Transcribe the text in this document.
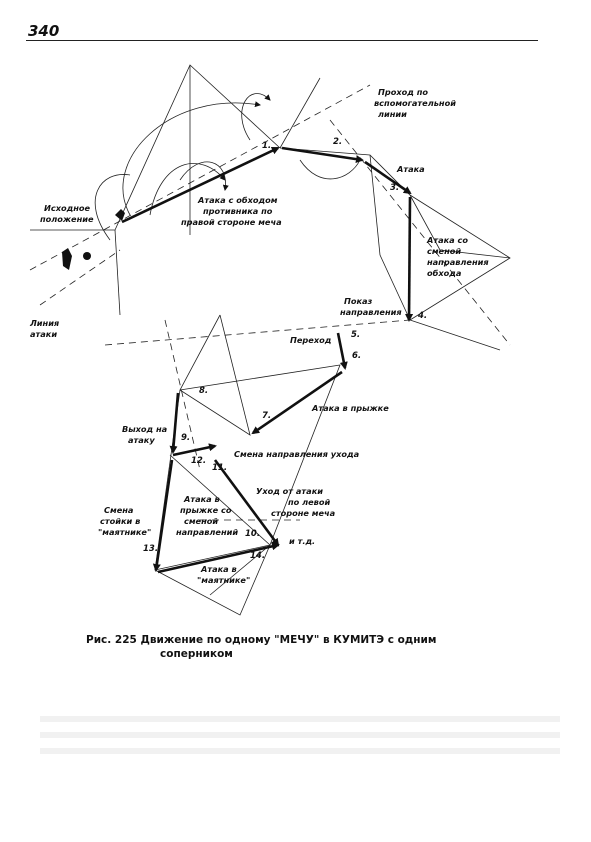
340
1.	2.
3.
4.
5.
6.
7.
8.
9.
10.
11.
12.
13.
14.
Исходное
положение
Линия
атаки
Атака с обходом
противника по
правой стороне меча
Проход по
вспомогательной
линии
Атака
Атака со
сменой
направления
обхода
Показ
направления
Переход
Атака в прыжке
Выход на
атаку
Смена направления ухода
Уход от атаки
по левой
стороне меча
Атака в
прыжке со
сменой
направлений
Смена
стойки в
"маятнике"
Атака в
"маятнике"
и т.д.
Рис. 225 Движение по одному "МЕЧУ" в КУМИТЭ с одним
соперником
